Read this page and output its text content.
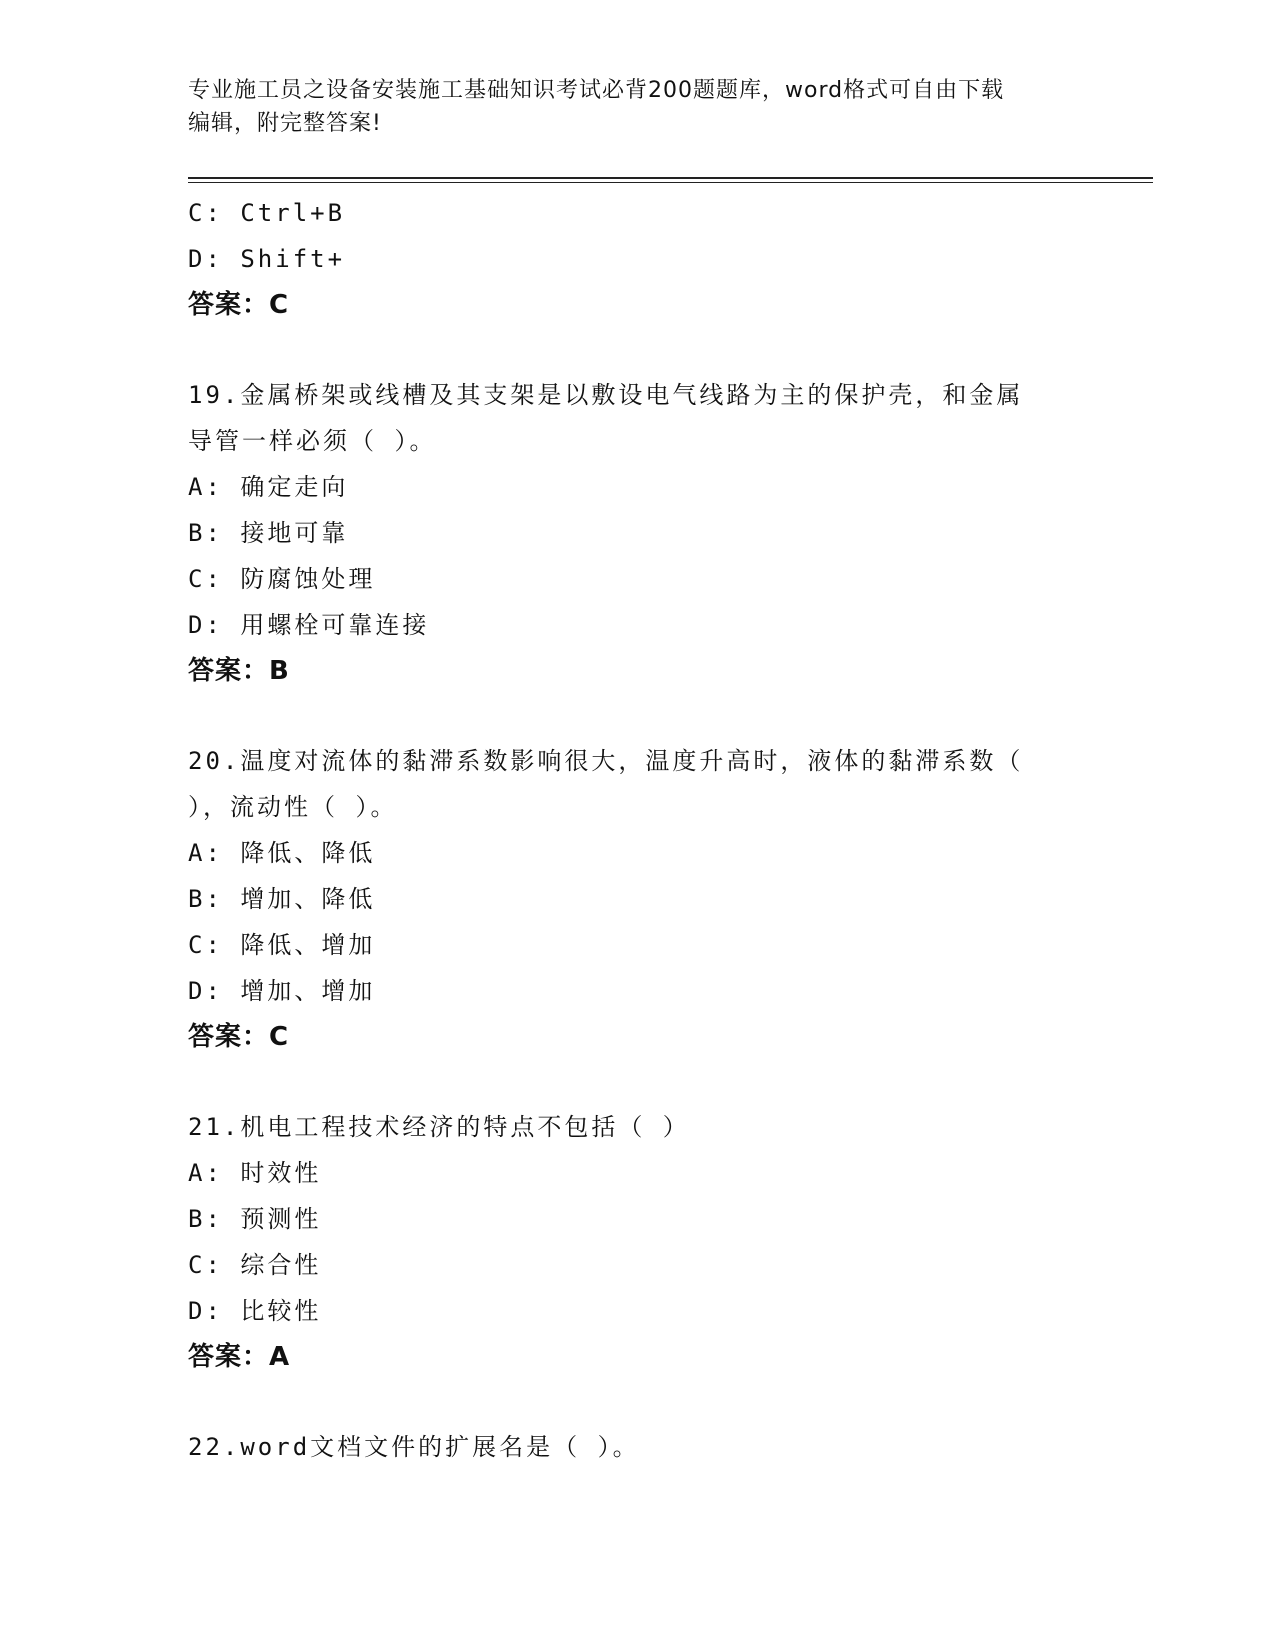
专业施工员之设备安装施工基础知识考试必背200题题库，word格式可自由下载
编辑，附完整答案!
C: Ctrl+B
D: Shift+
答案：C
19.金属桥架或线槽及其支架是以敷设电气线路为主的保护壳，和金属
导管一样必须（ ）。
A: 确定走向
B: 接地可靠
C: 防腐蚀处理
D: 用螺栓可靠连接
答案：B
20.温度对流体的黏滞系数影响很大，温度升高时，液体的黏滞系数（
），流动性（ ）。
A: 降低、降低
B: 增加、降低
C: 降低、增加
D: 增加、增加
答案：C
21.机电工程技术经济的特点不包括（ ）
A: 时效性
B: 预测性
C: 综合性
D: 比较性
答案：A
22.word文档文件的扩展名是（ ）。
